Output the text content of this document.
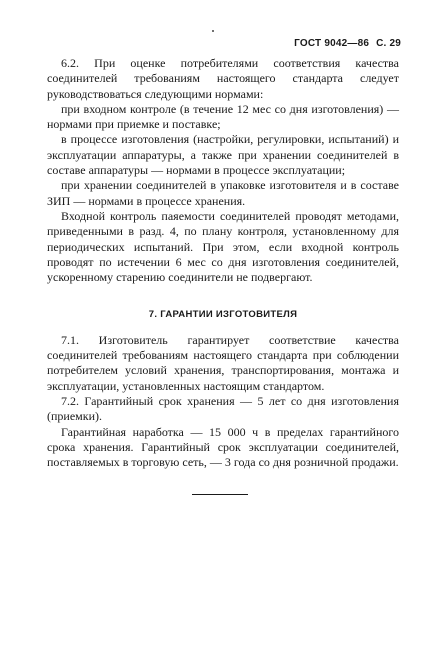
ГОСТ 9042—86 С. 29

6.2. При оценке потребителями соответствия качества соединителей требованиям настоящего стандарта следует руководствоваться следующими нормами:

при входном контроле (в течение 12 мес со дня изготовления) — нормами при приемке и поставке;

в процессе изготовления (настройки, регулировки, испытаний) и эксплуатации аппаратуры, а также при хранении соединителей в составе аппаратуры — нормами в процессе эксплуатации;

при хранении соединителей в упаковке изготовителя и в составе ЗИП — нормами в процессе хранения.

Входной контроль паяемости соединителей проводят методами, приведенными в разд. 4, по плану контроля, установленному для периодических испытаний. При этом, если входной контроль проводят по истечении 6 мес со дня изготовления соединителей, ускоренному старению соединители не подвергают.

7. ГАРАНТИИ ИЗГОТОВИТЕЛЯ

7.1. Изготовитель гарантирует соответствие качества соединителей требованиям настоящего стандарта при соблюдении потребителем условий хранения, транспортирования, монтажа и эксплуатации, установленных настоящим стандартом.

7.2. Гарантийный срок хранения — 5 лет со дня изготовления (приемки).

Гарантийная наработка — 15 000 ч в пределах гарантийного срока хранения. Гарантийный срок эксплуатации соединителей, поставляемых в торговую сеть, — 3 года со дня розничной продажи.
